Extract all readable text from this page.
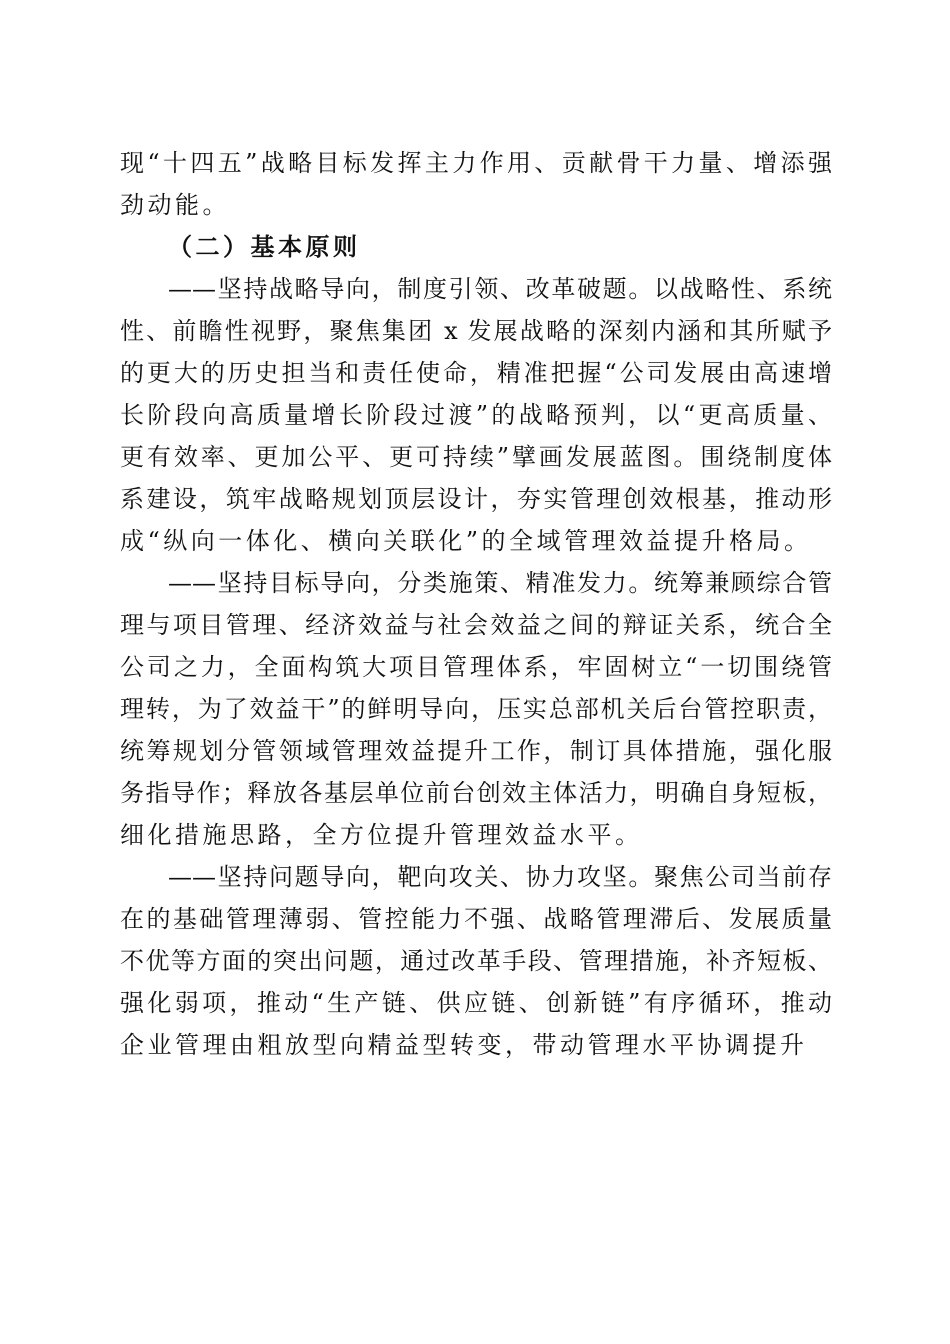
现“十四五”战略目标发挥主力作用、贡献骨干力量、增添强
劲动能。
（二）基本原则
——坚持战略导向，制度引领、改革破题。以战略性、系统
性、前瞻性视野，聚焦集团 x 发展战略的深刻内涵和其所赋予
的更大的历史担当和责任使命，精准把握“公司发展由高速增
长阶段向高质量增长阶段过渡”的战略预判，以“更高质量、
更有效率、更加公平、更可持续”擘画发展蓝图。围绕制度体
系建设，筑牢战略规划顶层设计，夯实管理创效根基，推动形
成“纵向一体化、横向关联化”的全域管理效益提升格局。
——坚持目标导向，分类施策、精准发力。统筹兼顾综合管
理与项目管理、经济效益与社会效益之间的辩证关系，统合全
公司之力，全面构筑大项目管理体系，牢固树立“一切围绕管
理转，为了效益干”的鲜明导向，压实总部机关后台管控职责，
统筹规划分管领域管理效益提升工作，制订具体措施，强化服
务指导作；释放各基层单位前台创效主体活力，明确自身短板，
细化措施思路，全方位提升管理效益水平。
——坚持问题导向，靶向攻关、协力攻坚。聚焦公司当前存
在的基础管理薄弱、管控能力不强、战略管理滞后、发展质量
不优等方面的突出问题，通过改革手段、管理措施，补齐短板、
强化弱项，推动“生产链、供应链、创新链”有序循环，推动
企业管理由粗放型向精益型转变，带动管理水平协调提升
